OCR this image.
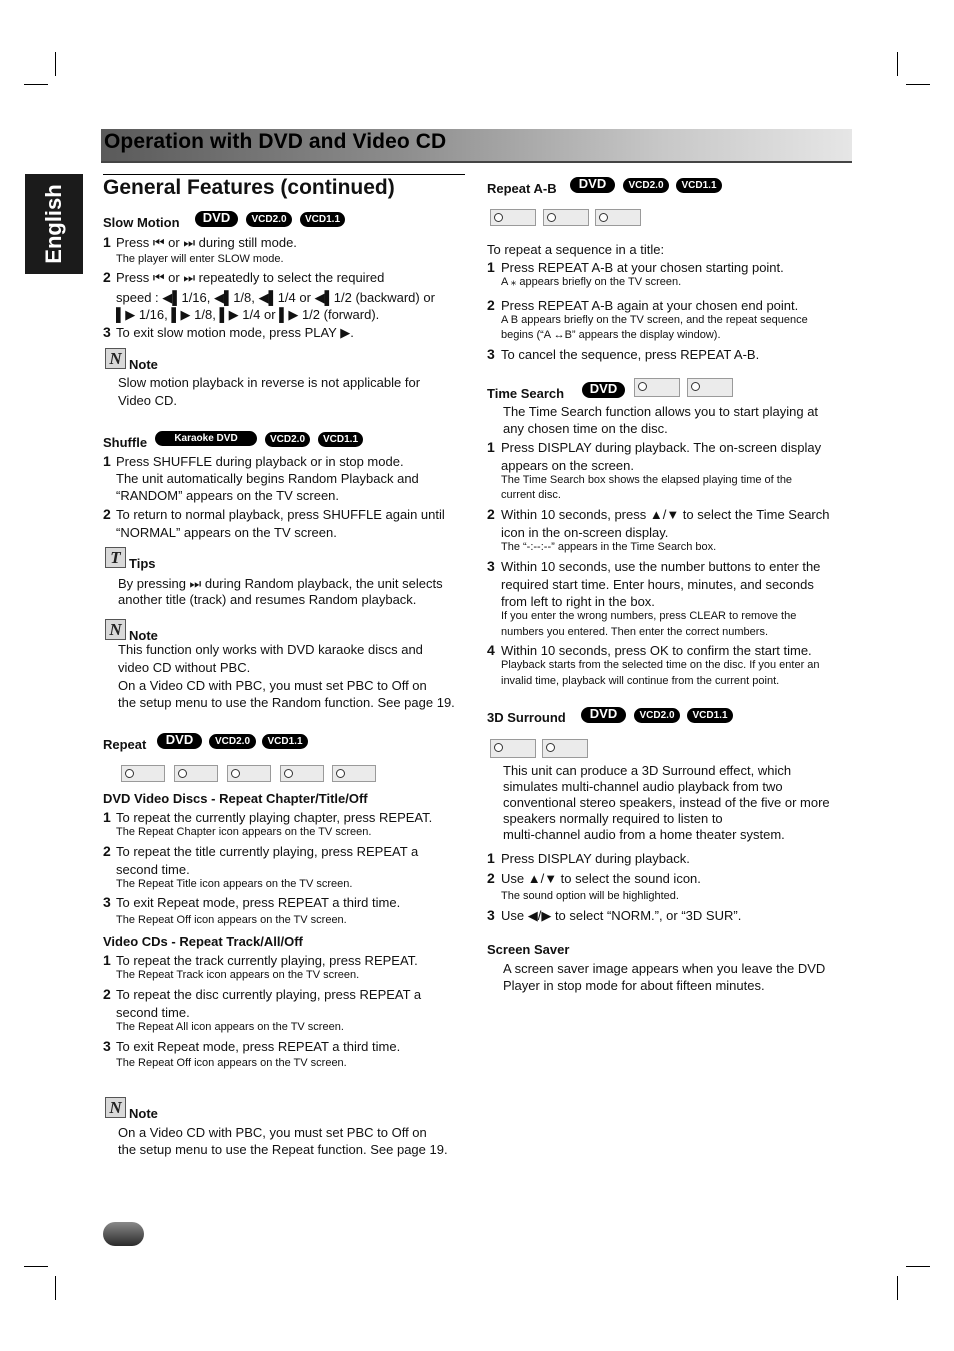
Operation with DVD and Video CD
English	General Features (continued)
Slow Motion	DVD	VCD2.0	VCD1.1
1 Press ⏮ or ⏭ during still mode.
The player will enter SLOW mode.
2 Press ⏮ or ⏭ repeatedly to select the required
speed : ◀▌1/16, ◀▌1/8, ◀▌1/4 or ◀▌1/2 (backward) or
▌▶ 1/16, ▌▶ 1/8, ▌▶ 1/4 or ▌▶ 1/2 (forward).
3 To exit slow motion mode, press PLAY ▶.
N Note
Slow motion playback in reverse is not applicable for
Video CD.
Shuffle	Karaoke DVD	VCD2.0	VCD1.1
1 Press SHUFFLE during playback or in stop mode.
The unit automatically begins Random Playback and
“RANDOM” appears on the TV screen.
2 To return to normal playback, press SHUFFLE again until
“NORMAL” appears on the TV screen.
T Tips
By pressing ⏭ during Random playback, the unit selects
another title (track) and resumes Random playback.
N Note
This function only works with DVD karaoke discs and
video CD without PBC.
On a Video CD with PBC, you must set PBC to Off on
the setup menu to use the Random function. See page 19.
Repeat	DVD	VCD2.0	VCD1.1
DVD Video Discs - Repeat Chapter/Title/Off
1 To repeat the currently playing chapter, press REPEAT.
The Repeat Chapter icon appears on the TV screen.
2 To repeat the title currently playing, press REPEAT a
second time.
The Repeat Title icon appears on the TV screen.
3 To exit Repeat mode, press REPEAT a third time.
The Repeat Off icon appears on the TV screen.
Video CDs - Repeat Track/All/Off
1 To repeat the track currently playing, press REPEAT.
The Repeat Track icon appears on the TV screen.
2 To repeat the disc currently playing, press REPEAT a
second time.
The Repeat All icon appears on the TV screen.
3 To exit Repeat mode, press REPEAT a third time.
The Repeat Off icon appears on the TV screen.
N Note
On a Video CD with PBC, you must set PBC to Off on
the setup menu to use the Repeat function. See page 19.
Repeat A-B	DVD	VCD2.0	VCD1.1
To repeat a sequence in a title:
1 Press REPEAT A-B at your chosen starting point.
A ⁎ appears briefly on the TV screen.
2 Press REPEAT A-B again at your chosen end point.
A B appears briefly on the TV screen, and the repeat sequence
begins (“A ↔B” appears the display window).
3 To cancel the sequence, press REPEAT A-B.
Time Search	DVD
The Time Search function allows you to start playing at
any chosen time on the disc.
1 Press DISPLAY during playback. The on-screen display
appears on the screen.
The Time Search box shows the elapsed playing time of the
current disc.
2 Within 10 seconds, press ▲/▼ to select the Time Search
icon in the on-screen display.
The “-:--:--” appears in the Time Search box.
3 Within 10 seconds, use the number buttons to enter the
required start time. Enter hours, minutes, and seconds
from left to right in the box.
If you enter the wrong numbers, press CLEAR to remove the
numbers you entered. Then enter the correct numbers.
4 Within 10 seconds, press OK to confirm the start time.
Playback starts from the selected time on the disc. If you enter an
invalid time, playback will continue from the current point.
3D Surround	DVD	VCD2.0	VCD1.1
This unit can produce a 3D Surround effect, which
simulates multi-channel audio playback from two
conventional stereo speakers, instead of the five or more
speakers normally required to listen to
multi-channel audio from a home theater system.
1 Press DISPLAY during playback.
2 Use ▲/▼ to select the sound icon.
The sound option will be highlighted.
3 Use ◀/▶ to select “NORM.”, or “3D SUR”.
Screen Saver
A screen saver image appears when you leave the DVD
Player in stop mode for about fifteen minutes.
